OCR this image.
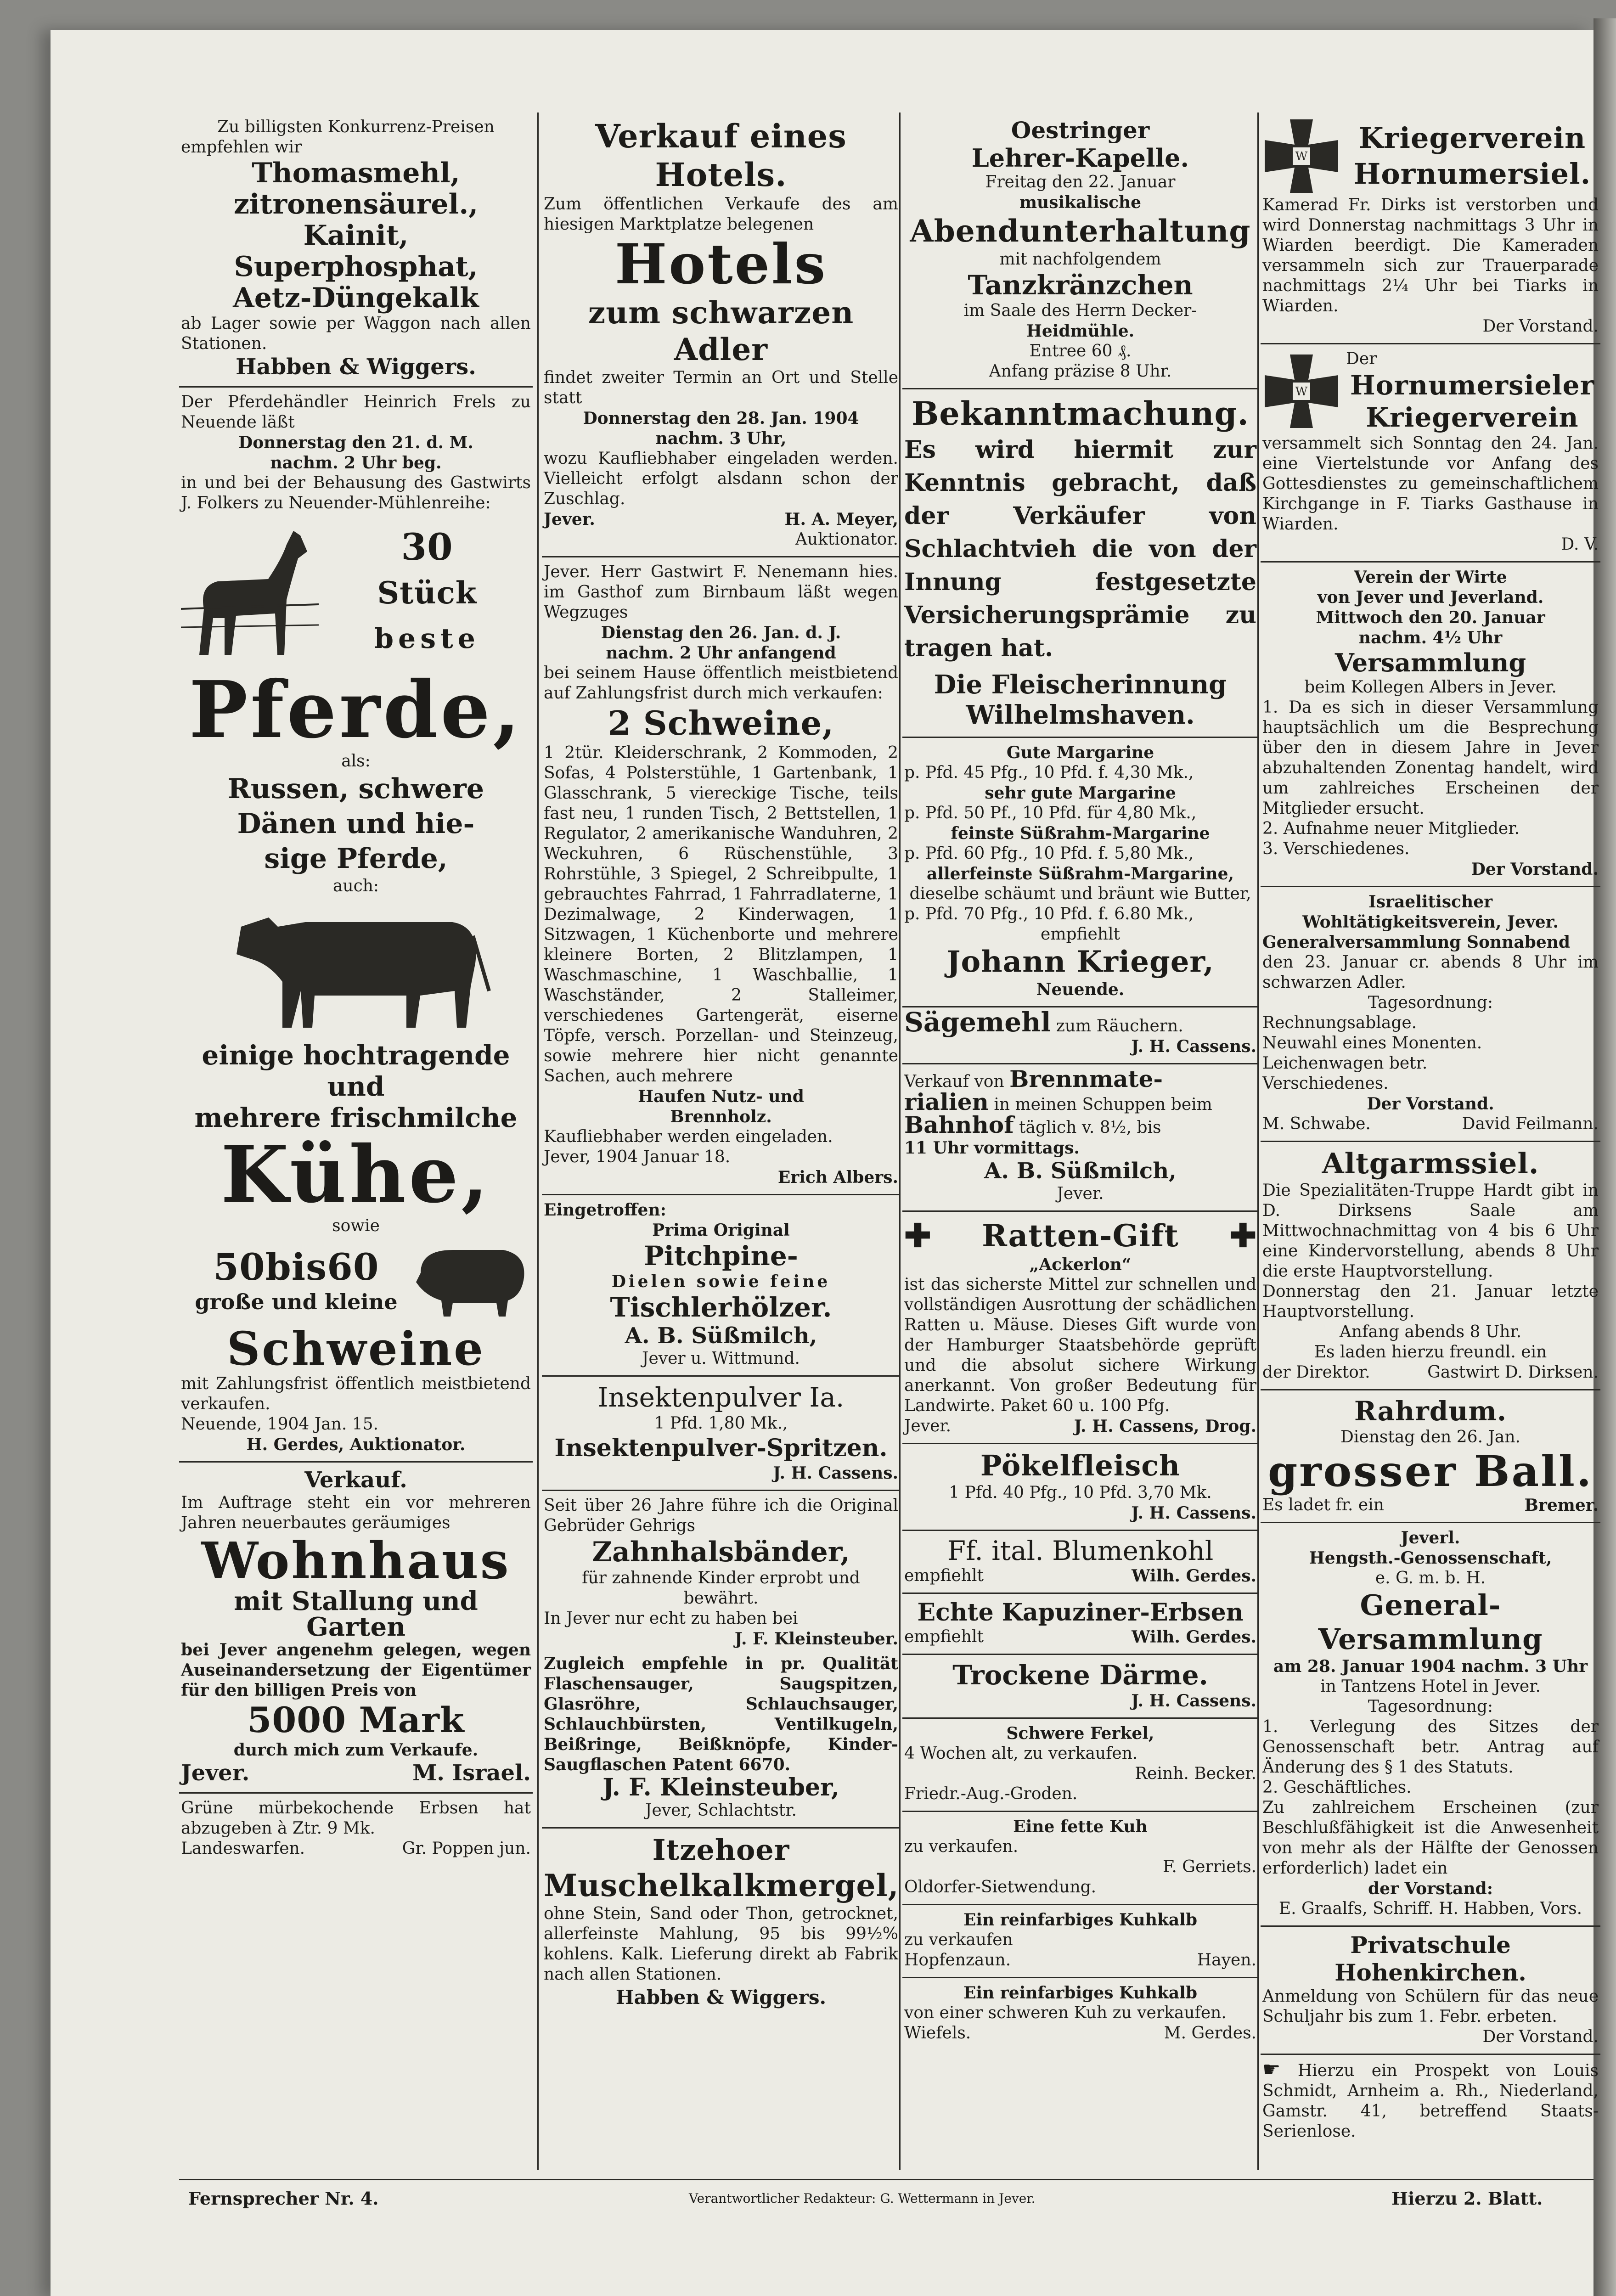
Zu billigsten Konkurrenz-Preisen

empfehlen wir

Thomasmehl, zitronensäurel.,

Kainit, Superphosphat,

Aetz-Düngekalk

ab Lager sowie per Waggon nach allen Stationen.

Habben & Wiggers.

Der Pferdehändler Heinrich Frels zu Neuende läßt

Donnerstag den 21. d. M.

nachm. 2 Uhr beg.

in und bei der Behausung des Gastwirts J. Folkers zu Neuender-Mühlenreihe:

30

Stück

beste

Pferde,

als:

Russen, schwere

Dänen und hie-

sige Pferde,

auch:

einige hochtragende und

mehrere frischmilche

Kühe,

sowie

50bis60

große und kleine

Schweine

mit Zahlungsfrist öffentlich meistbietend verkaufen.

Neuende, 1904 Jan. 15.

H. Gerdes, Auktionator.

Verkauf.

Im Auftrage steht ein vor mehreren Jahren neuerbautes geräumiges

Wohnhaus

mit Stallung und Garten

bei Jever angenehm gelegen, wegen Auseinandersetzung der Eigentümer für den billigen Preis von

5000 Mark

durch mich zum Verkaufe.

Jever.	M. Israel.

Grüne mürbekochende Erbsen hat abzugeben à Ztr. 9 Mk.

Landeswarfen.	Gr. Poppen jun.

Verkauf eines Hotels.

Zum öffentlichen Verkaufe des am hiesigen Marktplatze belegenen

Hotels

zum schwarzen Adler

findet zweiter Termin an Ort und Stelle statt

Donnerstag den 28. Jan. 1904

nachm. 3 Uhr,

wozu Kaufliebhaber eingeladen werden. Vielleicht erfolgt alsdann schon der Zuschlag.

Jever.	H. A. Meyer,

Auktionator.

Jever. Herr Gastwirt F. Nenemann hies. im Gasthof zum Birnbaum läßt wegen Wegzuges

Dienstag den 26. Jan. d. J.

nachm. 2 Uhr anfangend

bei seinem Hause öffentlich meistbietend auf Zahlungsfrist durch mich verkaufen:

2 Schweine,

1 2tür. Kleiderschrank, 2 Kommoden, 2 Sofas, 4 Polsterstühle, 1 Gartenbank, 1 Glasschrank, 5 viereckige Tische, teils fast neu, 1 runden Tisch, 2 Bettstellen, 1 Regulator, 2 amerikanische Wanduhren, 2 Weckuhren, 6 Rüschenstühle, 3 Rohrstühle, 3 Spiegel, 2 Schreibpulte, 1 gebrauchtes Fahrrad, 1 Fahrradlaterne, 1 Dezimalwage, 2 Kinderwagen, 1 Sitzwagen, 1 Küchenborte und mehrere kleinere Borten, 2 Blitzlampen, 1 Waschmaschine, 1 Waschballie, 1 Waschständer, 2 Stalleimer, verschiedenes Gartengerät, eiserne Töpfe, versch. Porzellan- und Steinzeug, sowie mehrere hier nicht genannte Sachen, auch mehrere

Haufen Nutz- und

Brennholz.

Kaufliebhaber werden eingeladen.

Jever, 1904 Januar 18.

Erich Albers.

Eingetroffen:

Prima Original

Pitchpine-

Dielen sowie feine

Tischlerhölzer.

A. B. Süßmilch,

Jever u. Wittmund.

Insektenpulver Ia.

1 Pfd. 1,80 Mk.,

Insektenpulver-Spritzen.

J. H. Cassens.

Seit über 26 Jahre führe ich die Original Gebrüder Gehrigs

Zahnhalsbänder,

für zahnende Kinder erprobt und bewährt.

In Jever nur echt zu haben bei

J. F. Kleinsteuber.

Zugleich empfehle in pr. Qualität Flaschensauger, Saugspitzen, Glasröhre, Schlauchsauger, Schlauchbürsten, Ventilkugeln, Beißringe, Beißknöpfe, Kinder-Saugflaschen Patent 6670.

J. F. Kleinsteuber,

Jever, Schlachtstr.

Itzehoer

Muschelkalkmergel,

ohne Stein, Sand oder Thon, getrocknet, allerfeinste Mahlung, 95 bis 99½% kohlens. Kalk. Lieferung direkt ab Fabrik nach allen Stationen.

Habben & Wiggers.

Oestringer

Lehrer-Kapelle.

Freitag den 22. Januar

musikalische

Abendunterhaltung

mit nachfolgendem

Tanzkränzchen

im Saale des Herrn Decker-

Heidmühle.

Entree 60 ₰.

Anfang präzise 8 Uhr.

Bekanntmachung.

Es wird hiermit zur Kenntnis gebracht, daß der Verkäufer von Schlachtvieh die von der Innung festgesetzte Versicherungsprämie zu tragen hat.

Die Fleischerinnung

Wilhelmshaven.

Gute Margarine

p. Pfd. 45 Pfg., 10 Pfd. f. 4,30 Mk.,

sehr gute Margarine

p. Pfd. 50 Pf., 10 Pfd. für 4,80 Mk.,

feinste Süßrahm-Margarine

p. Pfd. 60 Pfg., 10 Pfd. f. 5,80 Mk.,

allerfeinste Süßrahm-Margarine,

dieselbe schäumt und bräunt wie Butter,

p. Pfd. 70 Pfg., 10 Pfd. f. 6.80 Mk.,

empfiehlt

Johann Krieger,

Neuende.

Sägemehl zum Räuchern.

J. H. Cassens.

Verkauf von Brennmate-

rialien in meinen Schuppen beim

Bahnhof täglich v. 8½, bis

11 Uhr vormittags.

A. B. Süßmilch,

Jever.

✚ Ratten-Gift ✚

„Ackerlon“

ist das sicherste Mittel zur schnellen und vollständigen Ausrottung der schädlichen Ratten u. Mäuse. Dieses Gift wurde von der Hamburger Staatsbehörde geprüft und die absolut sichere Wirkung anerkannt. Von großer Bedeutung für Landwirte. Paket 60 u. 100 Pfg.

Jever.	J. H. Cassens, Drog.

Pökelfleisch

1 Pfd. 40 Pfg., 10 Pfd. 3,70 Mk.

J. H. Cassens.

Ff. ital. Blumenkohl

empfiehlt	Wilh. Gerdes.

Echte Kapuziner-Erbsen

empfiehlt	Wilh. Gerdes.

Trockene Därme.

J. H. Cassens.

Schwere Ferkel,

4 Wochen alt, zu verkaufen.

Reinh. Becker.

Friedr.-Aug.-Groden.

Eine fette Kuh

zu verkaufen.

F. Gerriets.

Oldorfer-Sietwendung.

Ein reinfarbiges Kuhkalb

zu verkaufen

Hopfenzaun.	Hayen.

Ein reinfarbiges Kuhkalb

von einer schweren Kuh zu verkaufen.

Wiefels.	M. Gerdes.
W

Kriegerverein

Hornumersiel.

Kamerad Fr. Dirks ist verstorben und wird Donnerstag nachmittags 3 Uhr in Wiarden beerdigt. Die Kameraden versammeln sich zur Trauerparade nachmittags 2¼ Uhr bei Tiarks in Wiarden.

Der Vorstand.

W

Der

Hornumersieler

Kriegerverein

versammelt sich Sonntag den 24. Jan. eine Viertelstunde vor Anfang des Gottesdienstes zu gemeinschaftlichem Kirchgange in F. Tiarks Gasthause in Wiarden.

D. V.

Verein der Wirte

von Jever und Jeverland.

Mittwoch den 20. Januar

nachm. 4½ Uhr

Versammlung

beim Kollegen Albers in Jever.

1. Da es sich in dieser Versammlung hauptsächlich um die Besprechung über den in diesem Jahre in Jever abzuhaltenden Zonentag handelt, wird um zahlreiches Erscheinen der Mitglieder ersucht.

2. Aufnahme neuer Mitglieder.

3. Verschiedenes.

Der Vorstand.

Israelitischer

Wohltätigkeitsverein, Jever.

Generalversammlung Sonnabend

den 23. Januar cr. abends 8 Uhr im schwarzen Adler.

Tagesordnung:

Rechnungsablage.

Neuwahl eines Monenten.

Leichenwagen betr.

Verschiedenes.

Der Vorstand.

M. Schwabe.	David Feilmann.

Altgarmssiel.

Die Spezialitäten-Truppe Hardt gibt in D. Dirksens Saale am Mittwochnachmittag von 4 bis 6 Uhr eine Kindervorstellung, abends 8 Uhr die erste Hauptvorstellung.

Donnerstag den 21. Januar letzte Hauptvorstellung.

Anfang abends 8 Uhr.

Es laden hierzu freundl. ein

der Direktor.	Gastwirt D. Dirksen.

Rahrdum.

Dienstag den 26. Jan.

grosser Ball.

Es ladet fr. ein	Bremer.

Jeverl.

Hengsth.-Genossenschaft,

e. G. m. b. H.

General-Versammlung

am 28. Januar 1904 nachm. 3 Uhr

in Tantzens Hotel in Jever.

Tagesordnung:

1. Verlegung des Sitzes der Genossenschaft betr. Antrag auf Änderung des § 1 des Statuts.

2. Geschäftliches.

Zu zahlreichem Erscheinen (zur Beschlußfähigkeit ist die Anwesenheit von mehr als der Hälfte der Genossen erforderlich) ladet ein

der Vorstand:

E. Graalfs, Schriff. H. Habben, Vors.

Privatschule Hohenkirchen.

Anmeldung von Schülern für das neue Schuljahr bis zum 1. Febr. erbeten.

Der Vorstand.

☛ Hierzu ein Prospekt von Louis Schmidt, Arnheim a. Rh., Niederland, Gamstr. 41, betreffend Staats-Serienlose.

Fernsprecher Nr. 4.	Verantwortlicher Redakteur: G. Wettermann in Jever.	Hierzu 2. Blatt.
